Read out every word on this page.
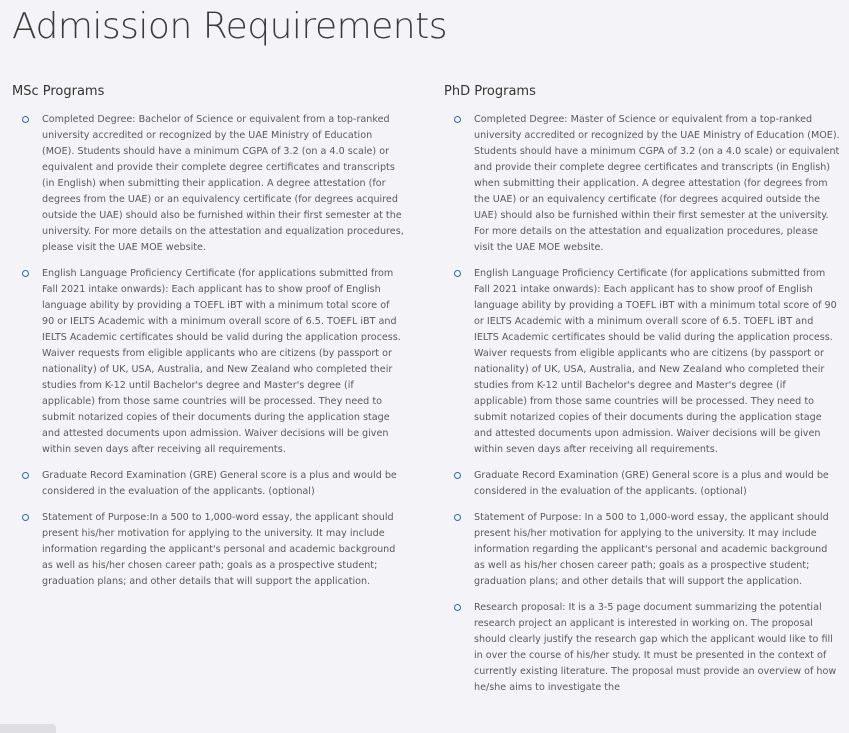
Admission Requirements
MSc Programs
Completed Degree: Bachelor of Science or equivalent from a top-ranked university accredited or recognized by the UAE Ministry of Education (MOE). Students should have a minimum CGPA of 3.2 (on a 4.0 scale) or equivalent and provide their complete degree certificates and transcripts (in English) when submitting their application. A degree attestation (for degrees from the UAE) or an equivalency certificate (for degrees acquired outside the UAE) should also be furnished within their first semester at the university. For more details on the attestation and equalization procedures, please visit the UAE MOE website.
English Language Proficiency Certificate (for applications submitted from Fall 2021 intake onwards): Each applicant has to show proof of English language ability by providing a TOEFL iBT with a minimum total score of 90 or IELTS Academic with a minimum overall score of 6.5. TOEFL iBT and IELTS Academic certificates should be valid during the application process. Waiver requests from eligible applicants who are citizens (by passport or nationality) of UK, USA, Australia, and New Zealand who completed their studies from K-12 until Bachelor's degree and Master's degree (if applicable) from those same countries will be processed. They need to submit notarized copies of their documents during the application stage and attested documents upon admission. Waiver decisions will be given within seven days after receiving all requirements.
Graduate Record Examination (GRE) General score is a plus and would be considered in the evaluation of the applicants. (optional)
Statement of Purpose:In a 500 to 1,000-word essay, the applicant should present his/her motivation for applying to the university. It may include information regarding the applicant's personal and academic background as well as his/her chosen career path; goals as a prospective student; graduation plans; and other details that will support the application.
PhD Programs
Completed Degree: Master of Science or equivalent from a top-ranked university accredited or recognized by the UAE Ministry of Education (MOE). Students should have a minimum CGPA of 3.2 (on a 4.0 scale) or equivalent and provide their complete degree certificates and transcripts (in English) when submitting their application. A degree attestation (for degrees from the UAE) or an equivalency certificate (for degrees acquired outside the UAE) should also be furnished within their first semester at the university. For more details on the attestation and equalization procedures, please visit the UAE MOE website.
English Language Proficiency Certificate (for applications submitted from Fall 2021 intake onwards): Each applicant has to show proof of English language ability by providing a TOEFL iBT with a minimum total score of 90 or IELTS Academic with a minimum overall score of 6.5. TOEFL iBT and IELTS Academic certificates should be valid during the application process. Waiver requests from eligible applicants who are citizens (by passport or nationality) of UK, USA, Australia, and New Zealand who completed their studies from K-12 until Bachelor's degree and Master's degree (if applicable) from those same countries will be processed. They need to submit notarized copies of their documents during the application stage and attested documents upon admission. Waiver decisions will be given within seven days after receiving all requirements.
Graduate Record Examination (GRE) General score is a plus and would be considered in the evaluation of the applicants. (optional)
Statement of Purpose: In a 500 to 1,000-word essay, the applicant should present his/her motivation for applying to the university. It may include information regarding the applicant's personal and academic background as well as his/her chosen career path; goals as a prospective student; graduation plans; and other details that will support the application.
Research proposal: It is a 3-5 page document summarizing the potential research project an applicant is interested in working on. The proposal should clearly justify the research gap which the applicant would like to fill in over the course of his/her study. It must be presented in the context of currently existing literature. The proposal must provide an overview of how he/she aims to investigate the
